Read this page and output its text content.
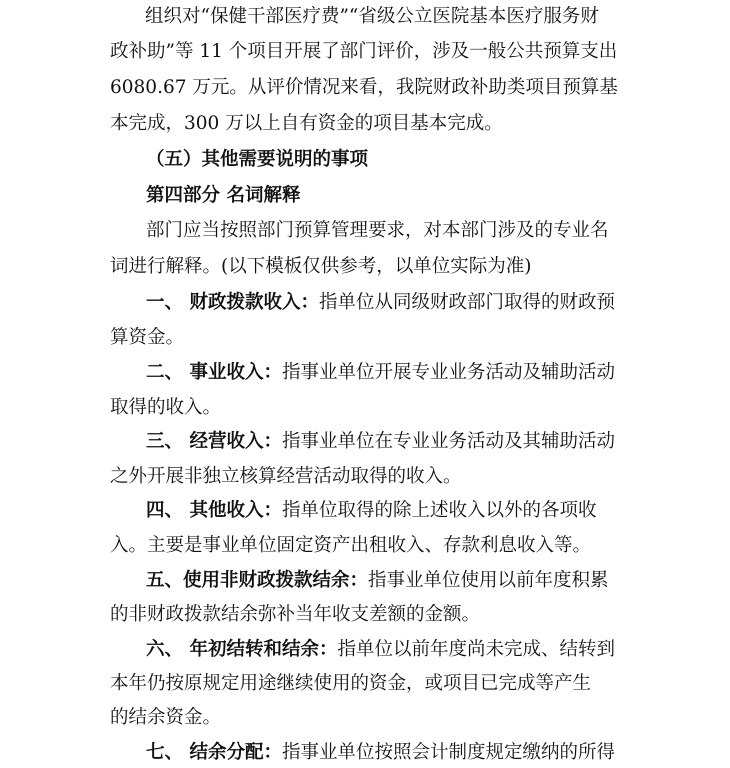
组织对“保健干部医疗费”“省级公立医院基本医疗服务财
政补助”等 11 个项目开展了部门评价，涉及一般公共预算支出
6080.67 万元。从评价情况来看，我院财政补助类项目预算基
本完成，300 万以上自有资金的项目基本完成。
（五）其他需要说明的事项
第四部分 名词解释
部门应当按照部门预算管理要求，对本部门涉及的专业名
词进行解释。(以下模板仅供参考，以单位实际为准)
一、 财政拨款收入：指单位从同级财政部门取得的财政预
算资金。
二、 事业收入：指事业单位开展专业业务活动及辅助活动
取得的收入。
三、 经营收入：指事业单位在专业业务活动及其辅助活动
之外开展非独立核算经营活动取得的收入。
四、 其他收入：指单位取得的除上述收入以外的各项收
入。主要是事业单位固定资产出租收入、存款利息收入等。
五、使用非财政拨款结余：指事业单位使用以前年度积累
的非财政拨款结余弥补当年收支差额的金额。
六、 年初结转和结余：指单位以前年度尚未完成、结转到
本年仍按原规定用途继续使用的资金，或项目已完成等产生
的结余资金。
七、 结余分配：指事业单位按照会计制度规定缴纳的所得
